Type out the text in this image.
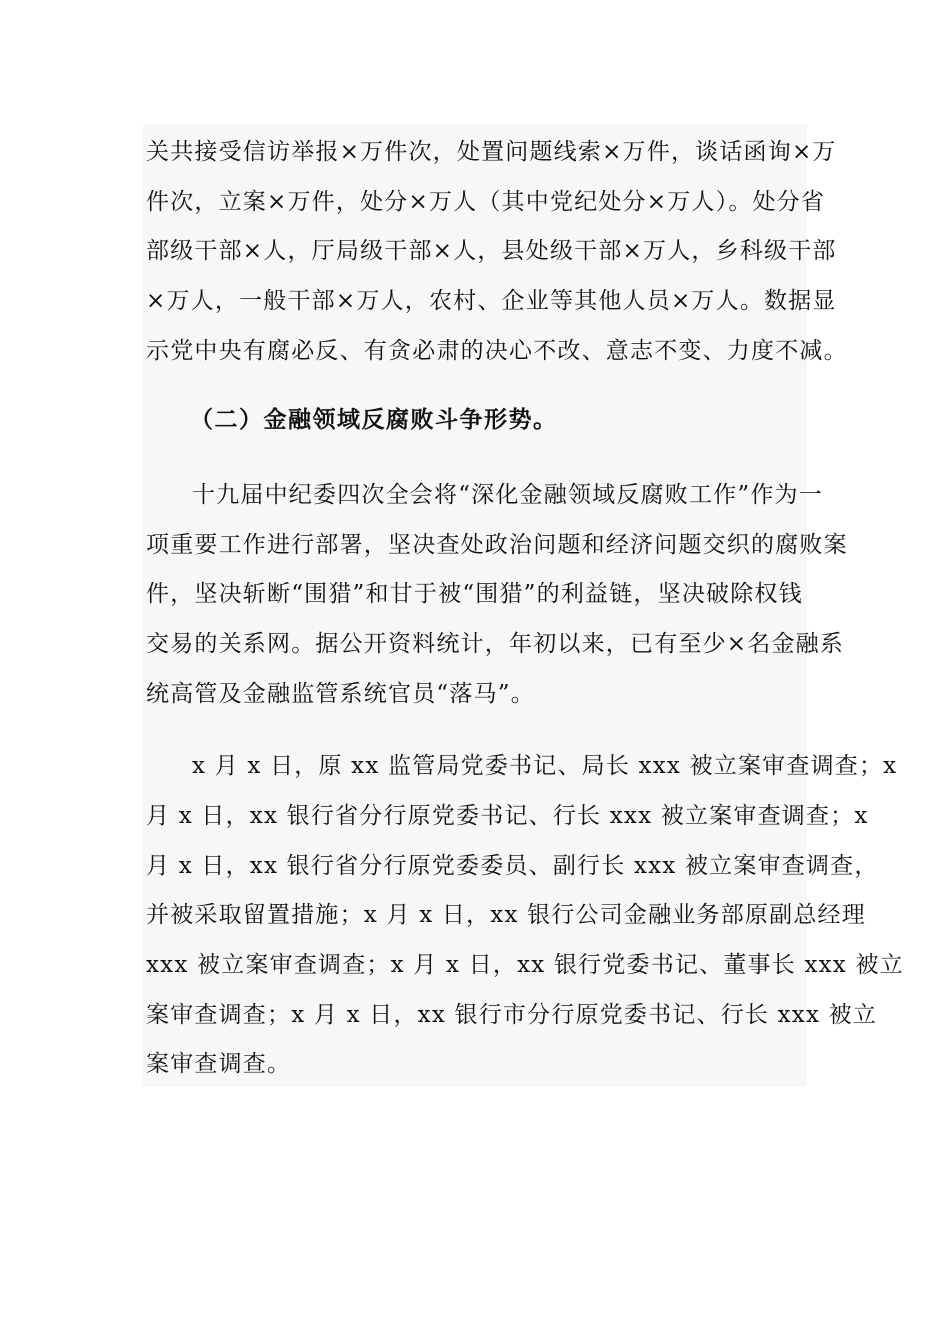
关共接受信访举报×万件次，处置问题线索×万件，谈话函询×万
件次，立案×万件，处分×万人（其中党纪处分×万人）。处分省
部级干部×人，厅局级干部×人，县处级干部×万人，乡科级干部
×万人，一般干部×万人，农村、企业等其他人员×万人。数据显
示党中央有腐必反、有贪必肃的决心不改、意志不变、力度不减。
（二）金融领域反腐败斗争形势。
十九届中纪委四次全会将“深化金融领域反腐败工作”作为一
项重要工作进行部署，坚决查处政治问题和经济问题交织的腐败案
件，坚决斩断“围猎”和甘于被“围猎”的利益链，坚决破除权钱
交易的关系网。据公开资料统计，年初以来，已有至少×名金融系
统高管及金融监管系统官员“落马”。
x 月 x 日，原 xx 监管局党委书记、局长 xxx 被立案审查调查；x
月 x 日，xx 银行省分行原党委书记、行长 xxx 被立案审查调查；x
月 x 日，xx 银行省分行原党委委员、副行长 xxx 被立案审查调查，
并被采取留置措施；x 月 x 日，xx 银行公司金融业务部原副总经理
xxx 被立案审查调查；x 月 x 日，xx 银行党委书记、董事长 xxx 被立
案审查调查；x 月 x 日，xx 银行市分行原党委书记、行长 xxx 被立
案审查调查。
